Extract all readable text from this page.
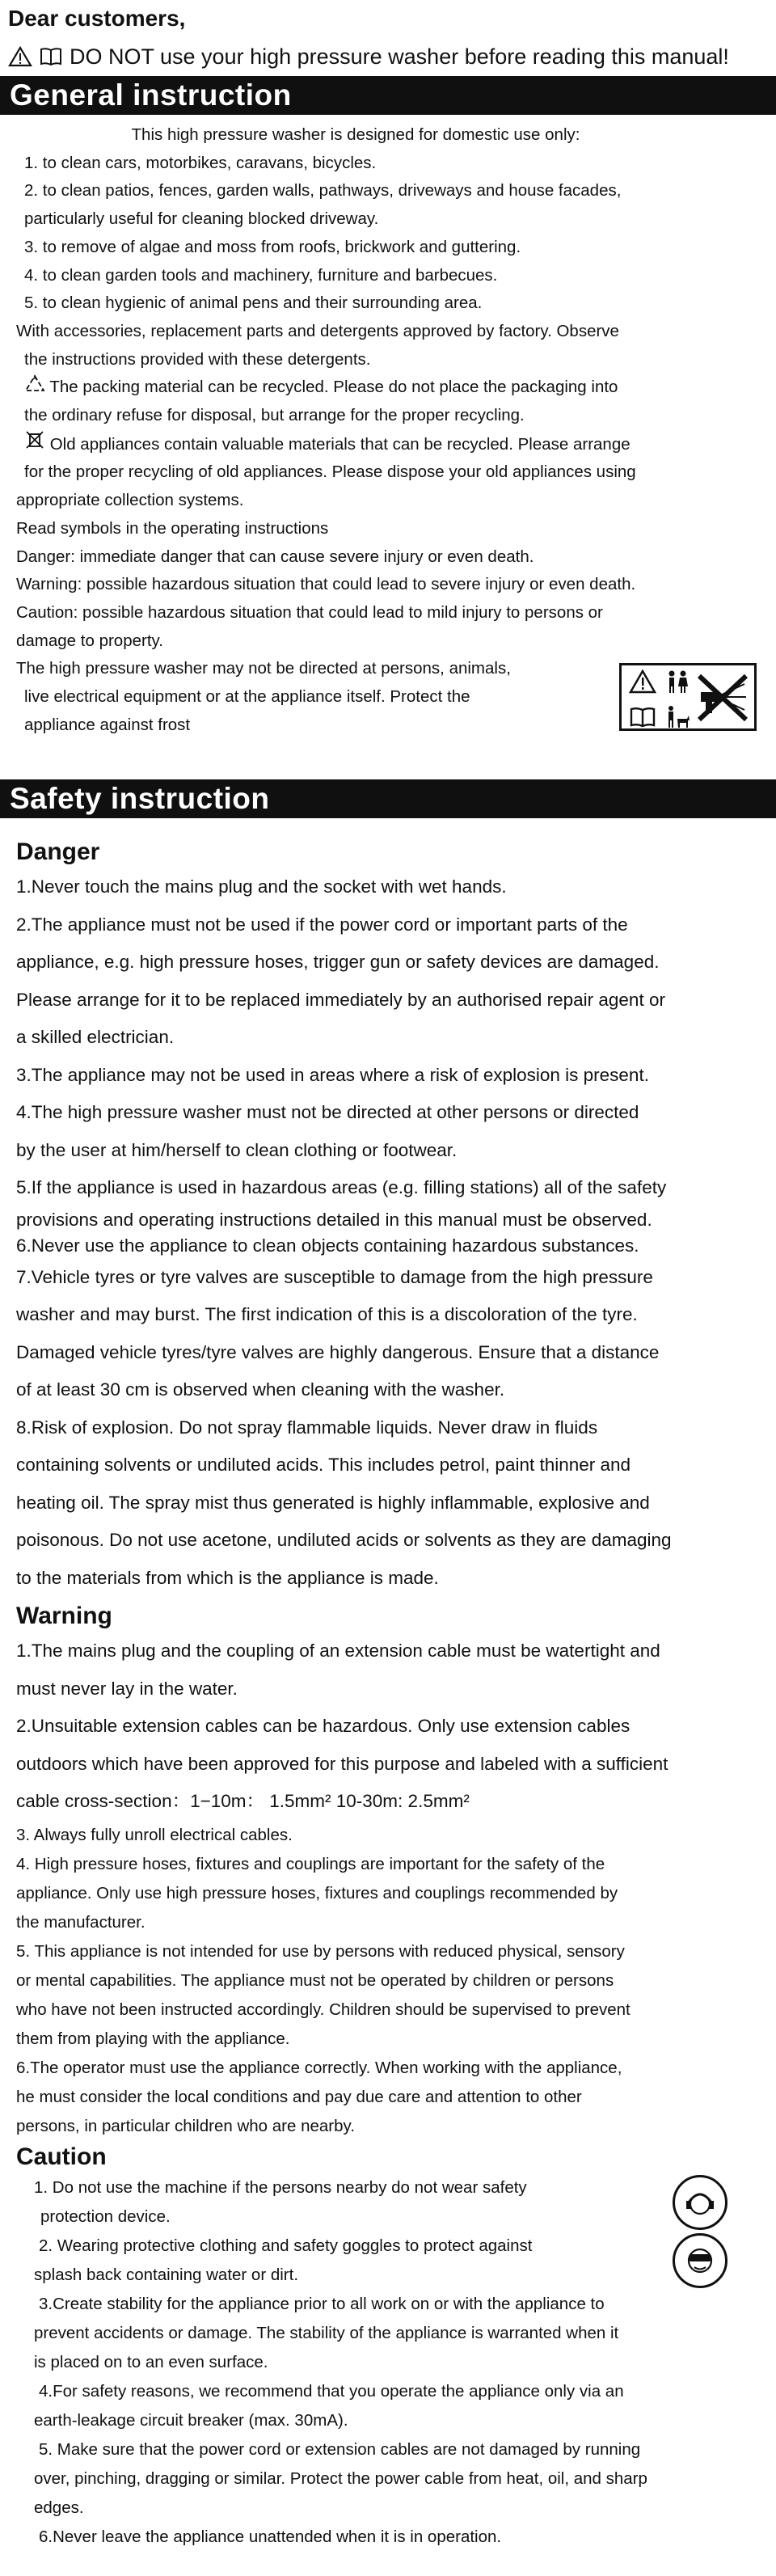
Dear customers,
DO NOT use your high pressure washer before reading this manual!
General instruction

This high pressure washer is designed for domestic use only:

1. to clean cars, motorbikes, caravans, bicycles.

2. to clean patios, fences, garden walls, pathways, driveways and house facades,

particularly useful for cleaning blocked driveway.

3. to remove of algae and moss from roofs, brickwork and guttering.

4. to clean garden tools and machinery, furniture and barbecues.

5. to clean hygienic of animal pens and their surrounding area.

With accessories, replacement parts and detergents approved by factory. Observe

the instructions provided with these detergents.

The packing material can be recycled. Please do not place the packaging into

the ordinary refuse for disposal, but arrange for the proper recycling.

Old appliances contain valuable materials that can be recycled. Please arrange

for the proper recycling of old appliances. Please dispose your old appliances using

appropriate collection systems.

Read symbols in the operating instructions

Danger: immediate danger that can cause severe injury or even death.

Warning: possible hazardous situation that could lead to severe injury or even death.

Caution: possible hazardous situation that could lead to mild injury to persons or

damage to property.

The high pressure washer may not be directed at persons, animals,

live electrical equipment or at the appliance itself. Protect the

appliance against frost

Safety instruction
Danger

1.Never touch the mains plug and the socket with wet hands.

2.The appliance must not be used if the power cord or important parts of the

appliance, e.g. high pressure hoses, trigger gun or safety devices are damaged.

Please arrange for it to be replaced immediately by an authorised repair agent or

a skilled electrician.

3.The appliance may not be used in areas where a risk of explosion is present.

4.The high pressure washer must not be directed at other persons or directed

by the user at him/herself to clean clothing or footwear.

5.If the appliance is used in hazardous areas (e.g. filling stations) all of the safety

provisions and operating instructions detailed in this manual must be observed.

6.Never use the appliance to clean objects containing hazardous substances.

7.Vehicle tyres or tyre valves are susceptible to damage from the high pressure

washer and may burst. The first indication of this is a discoloration of the tyre.

Damaged vehicle tyres/tyre valves are highly dangerous. Ensure that a distance

of at least 30 cm is observed when cleaning with the washer.

8.Risk of explosion. Do not spray flammable liquids. Never draw in fluids

containing solvents or undiluted acids. This includes petrol, paint thinner and

heating oil. The spray mist thus generated is highly inflammable, explosive and

poisonous. Do not use acetone, undiluted acids or solvents as they are damaging

to the materials from which is the appliance is made.

Warning

1.The mains plug and the coupling of an extension cable must be watertight and

must never lay in the water.

2.Unsuitable extension cables can be hazardous. Only use extension cables

outdoors which have been approved for this purpose and labeled with a sufficient

cable cross-section：1−10m： 1.5mm² 10-30m: 2.5mm²

3. Always fully unroll electrical cables.

4. High pressure hoses, fixtures and couplings are important for the safety of the

appliance. Only use high pressure hoses, fixtures and couplings recommended by

the manufacturer.

5. This appliance is not intended for use by persons with reduced physical, sensory

or mental capabilities. The appliance must not be operated by children or persons

who have not been instructed accordingly. Children should be supervised to prevent

them from playing with the appliance.

6.The operator must use the appliance correctly. When working with the appliance,

he must consider the local conditions and pay due care and attention to other

persons, in particular children who are nearby.

Caution

1. Do not use the machine if the persons nearby do not wear safety

protection device.

2. Wearing protective clothing and safety goggles to protect against

splash back containing water or dirt.

3.Create stability for the appliance prior to all work on or with the appliance to

prevent accidents or damage. The stability of the appliance is warranted when it

is placed on to an even surface.

4.For safety reasons, we recommend that you operate the appliance only via an

earth-leakage circuit breaker (max. 30mA).

5. Make sure that the power cord or extension cables are not damaged by running

over, pinching, dragging or similar. Protect the power cable from heat, oil, and sharp

edges.

6.Never leave the appliance unattended when it is in operation.
